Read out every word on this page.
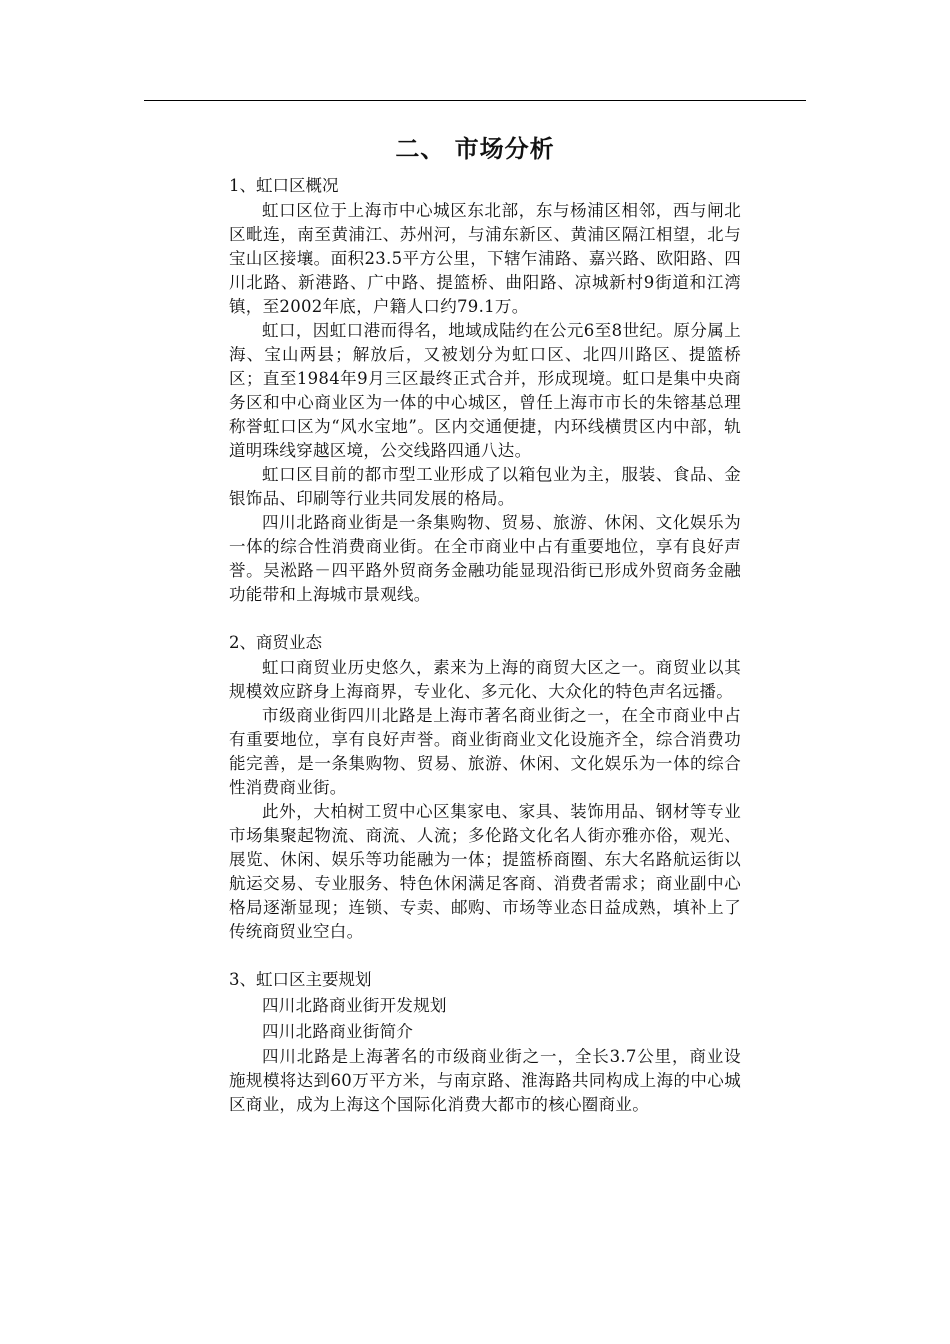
二、 市场分析
1、虹口区概况

虹口区位于上海市中心城区东北部，东与杨浦区相邻，西与闸北区毗连，南至黄浦江、苏州河，与浦东新区、黄浦区隔江相望，北与宝山区接壤。面积23.5平方公里，下辖乍浦路、嘉兴路、欧阳路、四川北路、新港路、广中路、提篮桥、曲阳路、凉城新村9街道和江湾镇，至2002年底，户籍人口约79.1万。

虹口，因虹口港而得名，地域成陆约在公元6至8世纪。原分属上海、宝山两县；解放后，又被划分为虹口区、北四川路区、提篮桥区；直至1984年9月三区最终正式合并，形成现境。虹口是集中央商务区和中心商业区为一体的中心城区，曾任上海市市长的朱镕基总理称誉虹口区为“风水宝地”。区内交通便捷，内环线横贯区内中部，轨道明珠线穿越区境，公交线路四通八达。

虹口区目前的都市型工业形成了以箱包业为主，服装、食品、金银饰品、印刷等行业共同发展的格局。

四川北路商业街是一条集购物、贸易、旅游、休闲、文化娱乐为一体的综合性消费商业街。在全市商业中占有重要地位，享有良好声誉。吴淞路－四平路外贸商务金融功能显现沿街已形成外贸商务金融功能带和上海城市景观线。

2、商贸业态

虹口商贸业历史悠久，素来为上海的商贸大区之一。商贸业以其规模效应跻身上海商界，专业化、多元化、大众化的特色声名远播。

市级商业街四川北路是上海市著名商业街之一，在全市商业中占有重要地位，享有良好声誉。商业街商业文化设施齐全，综合消费功能完善，是一条集购物、贸易、旅游、休闲、文化娱乐为一体的综合性消费商业街。

此外，大柏树工贸中心区集家电、家具、装饰用品、钢材等专业市场集聚起物流、商流、人流；多伦路文化名人街亦雅亦俗，观光、展览、休闲、娱乐等功能融为一体；提篮桥商圈、东大名路航运街以航运交易、专业服务、特色休闲满足客商、消费者需求；商业副中心格局逐渐显现；连锁、专卖、邮购、市场等业态日益成熟，填补上了传统商贸业空白。

3、虹口区主要规划

四川北路商业街开发规划

四川北路商业街简介

四川北路是上海著名的市级商业街之一，全长3.7公里，商业设施规模将达到60万平方米，与南京路、淮海路共同构成上海的中心城区商业，成为上海这个国际化消费大都市的核心圈商业。
